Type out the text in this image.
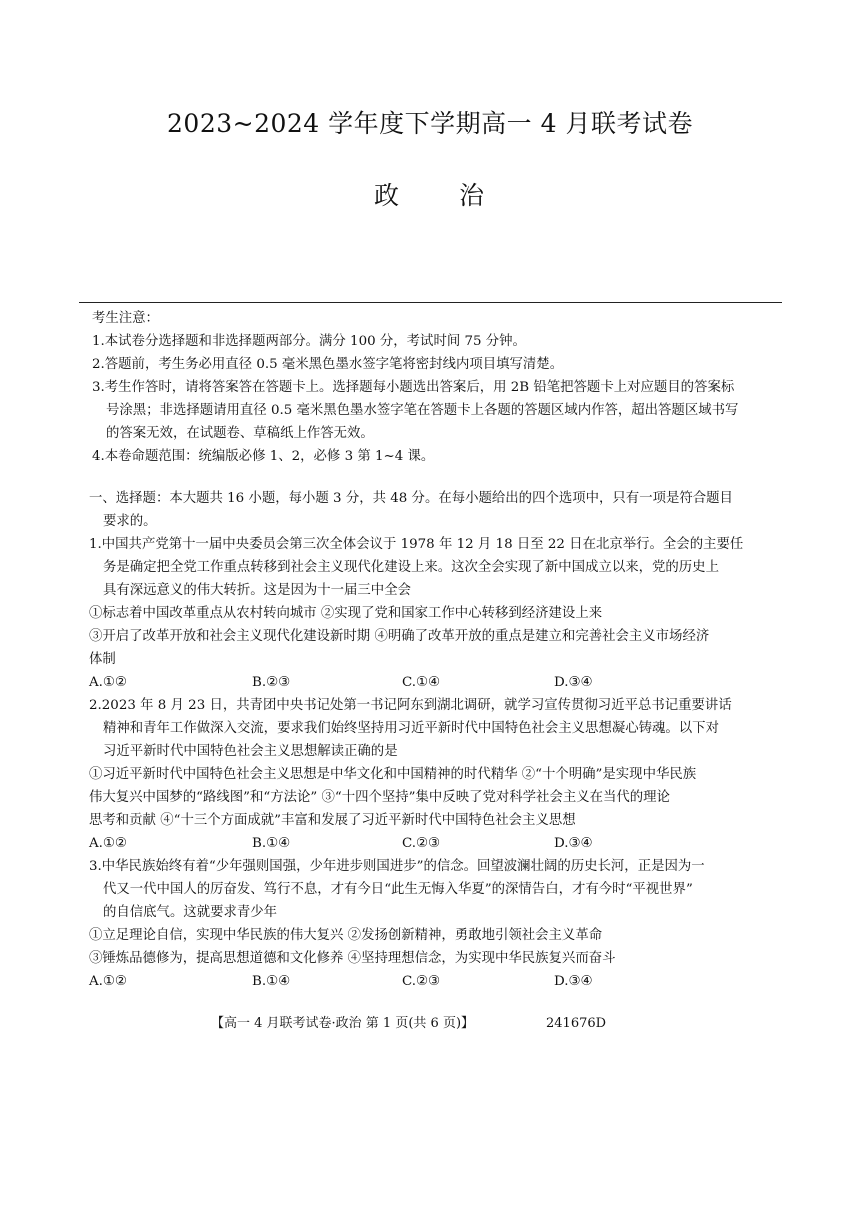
2023~2024 学年度下学期高一 4 月联考试卷
政 治
考生注意：
1.本试卷分选择题和非选择题两部分。满分 100 分，考试时间 75 分钟。
2.答题前，考生务必用直径 0.5 毫米黑色墨水签字笔将密封线内项目填写清楚。
3.考生作答时，请将答案答在答题卡上。选择题每小题选出答案后，用 2B 铅笔把答题卡上对应题目的答案标
号涂黑；非选择题请用直径 0.5 毫米黑色墨水签字笔在答题卡上各题的答题区域内作答，超出答题区域书写
的答案无效，在试题卷、草稿纸上作答无效。
4.本卷命题范围：统编版必修 1、2，必修 3 第 1~4 课。
一、选择题：本大题共 16 小题，每小题 3 分，共 48 分。在每小题给出的四个选项中，只有一项是符合题目
要求的。
1.中国共产党第十一届中央委员会第三次全体会议于 1978 年 12 月 18 日至 22 日在北京举行。全会的主要任
务是确定把全党工作重点转移到社会主义现代化建设上来。这次全会实现了新中国成立以来，党的历史上
具有深远意义的伟大转折。这是因为十一届三中全会
①标志着中国改革重点从农村转向城市 ②实现了党和国家工作中心转移到经济建设上来
③开启了改革开放和社会主义现代化建设新时期 ④明确了改革开放的重点是建立和完善社会主义市场经济
体制
A.①②	B.②③	C.①④	D.③④
2.2023 年 8 月 23 日，共青团中央书记处第一书记阿东到湖北调研，就学习宣传贯彻习近平总书记重要讲话
精神和青年工作做深入交流，要求我们始终坚持用习近平新时代中国特色社会主义思想凝心铸魂。以下对
习近平新时代中国特色社会主义思想解读正确的是
①习近平新时代中国特色社会主义思想是中华文化和中国精神的时代精华 ②“十个明确”是实现中华民族
伟大复兴中国梦的“路线图”和“方法论” ③“十四个坚持”集中反映了党对科学社会主义在当代的理论
思考和贡献 ④“十三个方面成就”丰富和发展了习近平新时代中国特色社会主义思想
A.①②	B.①④	C.②③	D.③④
3.中华民族始终有着“少年强则国强，少年进步则国进步”的信念。回望波澜壮阔的历史长河，正是因为一
代又一代中国人的厉奋发、笃行不息，才有今日“此生无悔入华夏”的深情告白，才有今时“平视世界”
的自信底气。这就要求青少年
①立足理论自信，实现中华民族的伟大复兴 ②发扬创新精神，勇敢地引领社会主义革命
③锤炼品德修为，提高思想道德和文化修养 ④坚持理想信念，为实现中华民族复兴而奋斗
A.①②	B.①④	C.②③	D.③④
【高一 4 月联考试卷·政治 第 1 页(共 6 页)】	241676D
